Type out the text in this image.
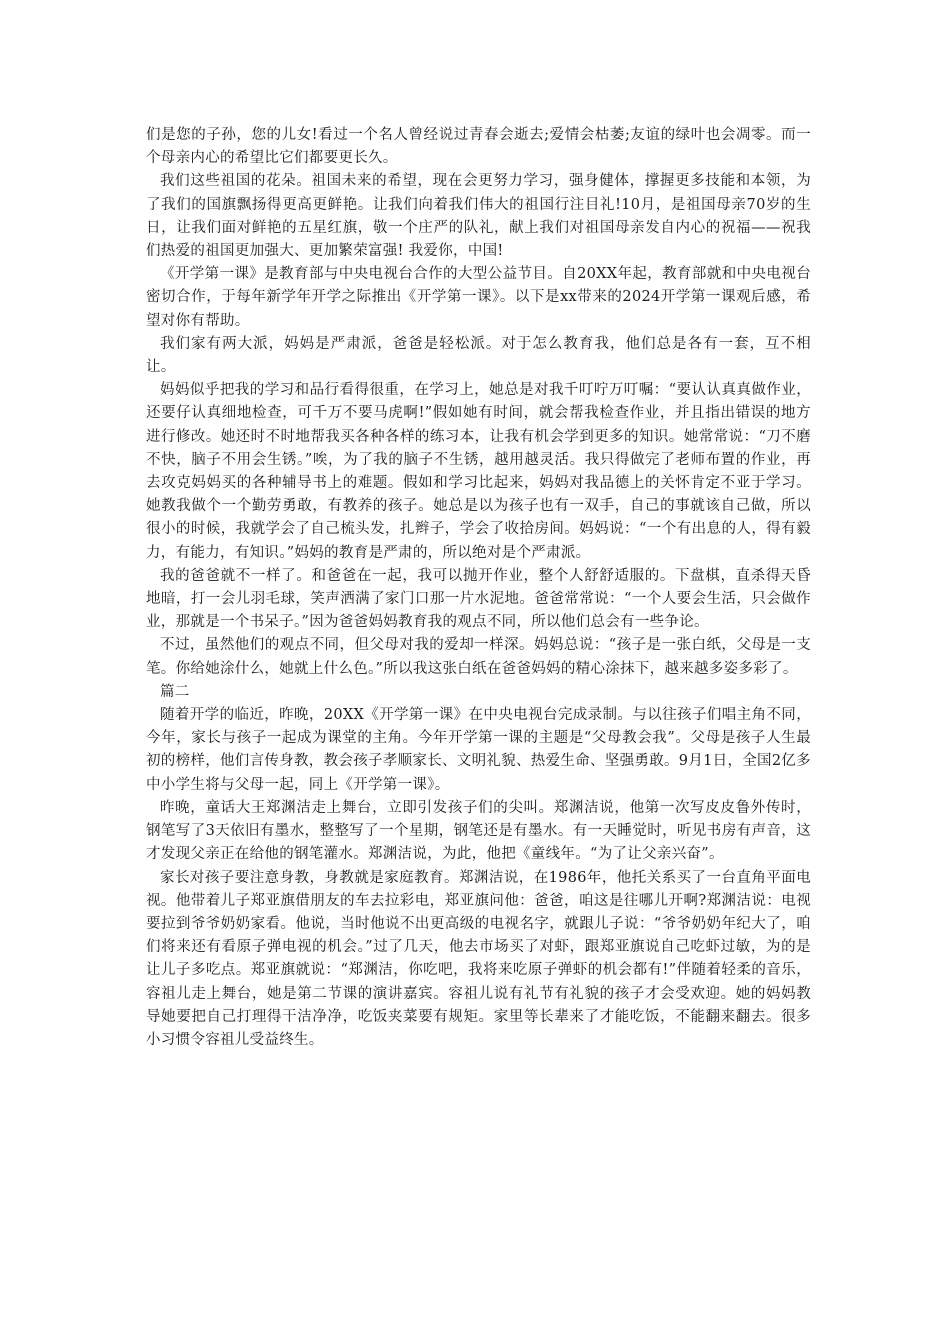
们是您的子孙，您的儿女!看过一个名人曾经说过青春会逝去;爱情会枯萎;友谊的绿叶也会凋零。而一个母亲内心的希望比它们都要更长久。

我们这些祖国的花朵。祖国未来的希望，现在会更努力学习，强身健体，撑握更多技能和本领，为了我们的国旗飘扬得更高更鲜艳。让我们向着我们伟大的祖国行注目礼!10月，是祖国母亲70岁的生日，让我们面对鲜艳的五星红旗，敬一个庄严的队礼，献上我们对祖国母亲发自内心的祝福——祝我们热爱的祖国更加强大、更加繁荣富强! 我爱你，中国!

《开学第一课》是教育部与中央电视台合作的大型公益节目。自20XX年起，教育部就和中央电视台密切合作，于每年新学年开学之际推出《开学第一课》。以下是xx带来的2024开学第一课观后感，希望对你有帮助。

我们家有两大派，妈妈是严肃派，爸爸是轻松派。对于怎么教育我，他们总是各有一套，互不相让。

妈妈似乎把我的学习和品行看得很重，在学习上，她总是对我千叮咛万叮嘱：“要认认真真做作业，还要仔认真细地检查，可千万不要马虎啊!”假如她有时间，就会帮我检查作业，并且指出错误的地方进行修改。她还时不时地帮我买各种各样的练习本，让我有机会学到更多的知识。她常常说：“刀不磨不快，脑子不用会生锈。”唉，为了我的脑子不生锈，越用越灵活。我只得做完了老师布置的作业，再去攻克妈妈买的各种辅导书上的难题。假如和学习比起来，妈妈对我品德上的关怀肯定不亚于学习。她教我做个一个勤劳勇敢，有教养的孩子。她总是以为孩子也有一双手，自己的事就该自己做，所以很小的时候，我就学会了自己梳头发，扎辫子，学会了收拾房间。妈妈说：“一个有出息的人，得有毅力，有能力，有知识。”妈妈的教育是严肃的，所以绝对是个严肃派。

我的爸爸就不一样了。和爸爸在一起，我可以抛开作业，整个人舒舒适服的。下盘棋，直杀得天昏地暗，打一会儿羽毛球，笑声洒满了家门口那一片水泥地。爸爸常常说：“一个人要会生活，只会做作业，那就是一个书呆子。”因为爸爸妈妈教育我的观点不同，所以他们总会有一些争论。

不过，虽然他们的观点不同，但父母对我的爱却一样深。妈妈总说：“孩子是一张白纸，父母是一支笔。你给她涂什么，她就上什么色。”所以我这张白纸在爸爸妈妈的精心涂抹下，越来越多姿多彩了。

篇二

随着开学的临近，昨晚，20XX《开学第一课》在中央电视台完成录制。与以往孩子们唱主角不同，今年，家长与孩子一起成为课堂的主角。今年开学第一课的主题是“父母教会我”。父母是孩子人生最初的榜样，他们言传身教，教会孩子孝顺家长、文明礼貌、热爱生命、坚强勇敢。9月1日，全国2亿多中小学生将与父母一起，同上《开学第一课》。

昨晚，童话大王郑渊洁走上舞台，立即引发孩子们的尖叫。郑渊洁说，他第一次写皮皮鲁外传时，钢笔写了3天依旧有墨水，整整写了一个星期，钢笔还是有墨水。有一天睡觉时，听见书房有声音，这才发现父亲正在给他的钢笔灌水。郑渊洁说，为此，他把《童线年。“为了让父亲兴奋”。

家长对孩子要注意身教，身教就是家庭教育。郑渊洁说，在1986年，他托关系买了一台直角平面电视。他带着儿子郑亚旗借朋友的车去拉彩电，郑亚旗问他：爸爸，咱这是往哪儿开啊?郑渊洁说：电视要拉到爷爷奶奶家看。他说，当时他说不出更高级的电视名字，就跟儿子说：“爷爷奶奶年纪大了，咱们将来还有看原子弹电视的机会。”过了几天，他去市场买了对虾，跟郑亚旗说自己吃虾过敏，为的是让儿子多吃点。郑亚旗就说：“郑渊洁，你吃吧，我将来吃原子弹虾的机会都有!”伴随着轻柔的音乐，容祖儿走上舞台，她是第二节课的演讲嘉宾。容祖儿说有礼节有礼貌的孩子才会受欢迎。她的妈妈教导她要把自己打理得干洁净净，吃饭夹菜要有规矩。家里等长辈来了才能吃饭，不能翻来翻去。很多小习惯令容祖儿受益终生。
